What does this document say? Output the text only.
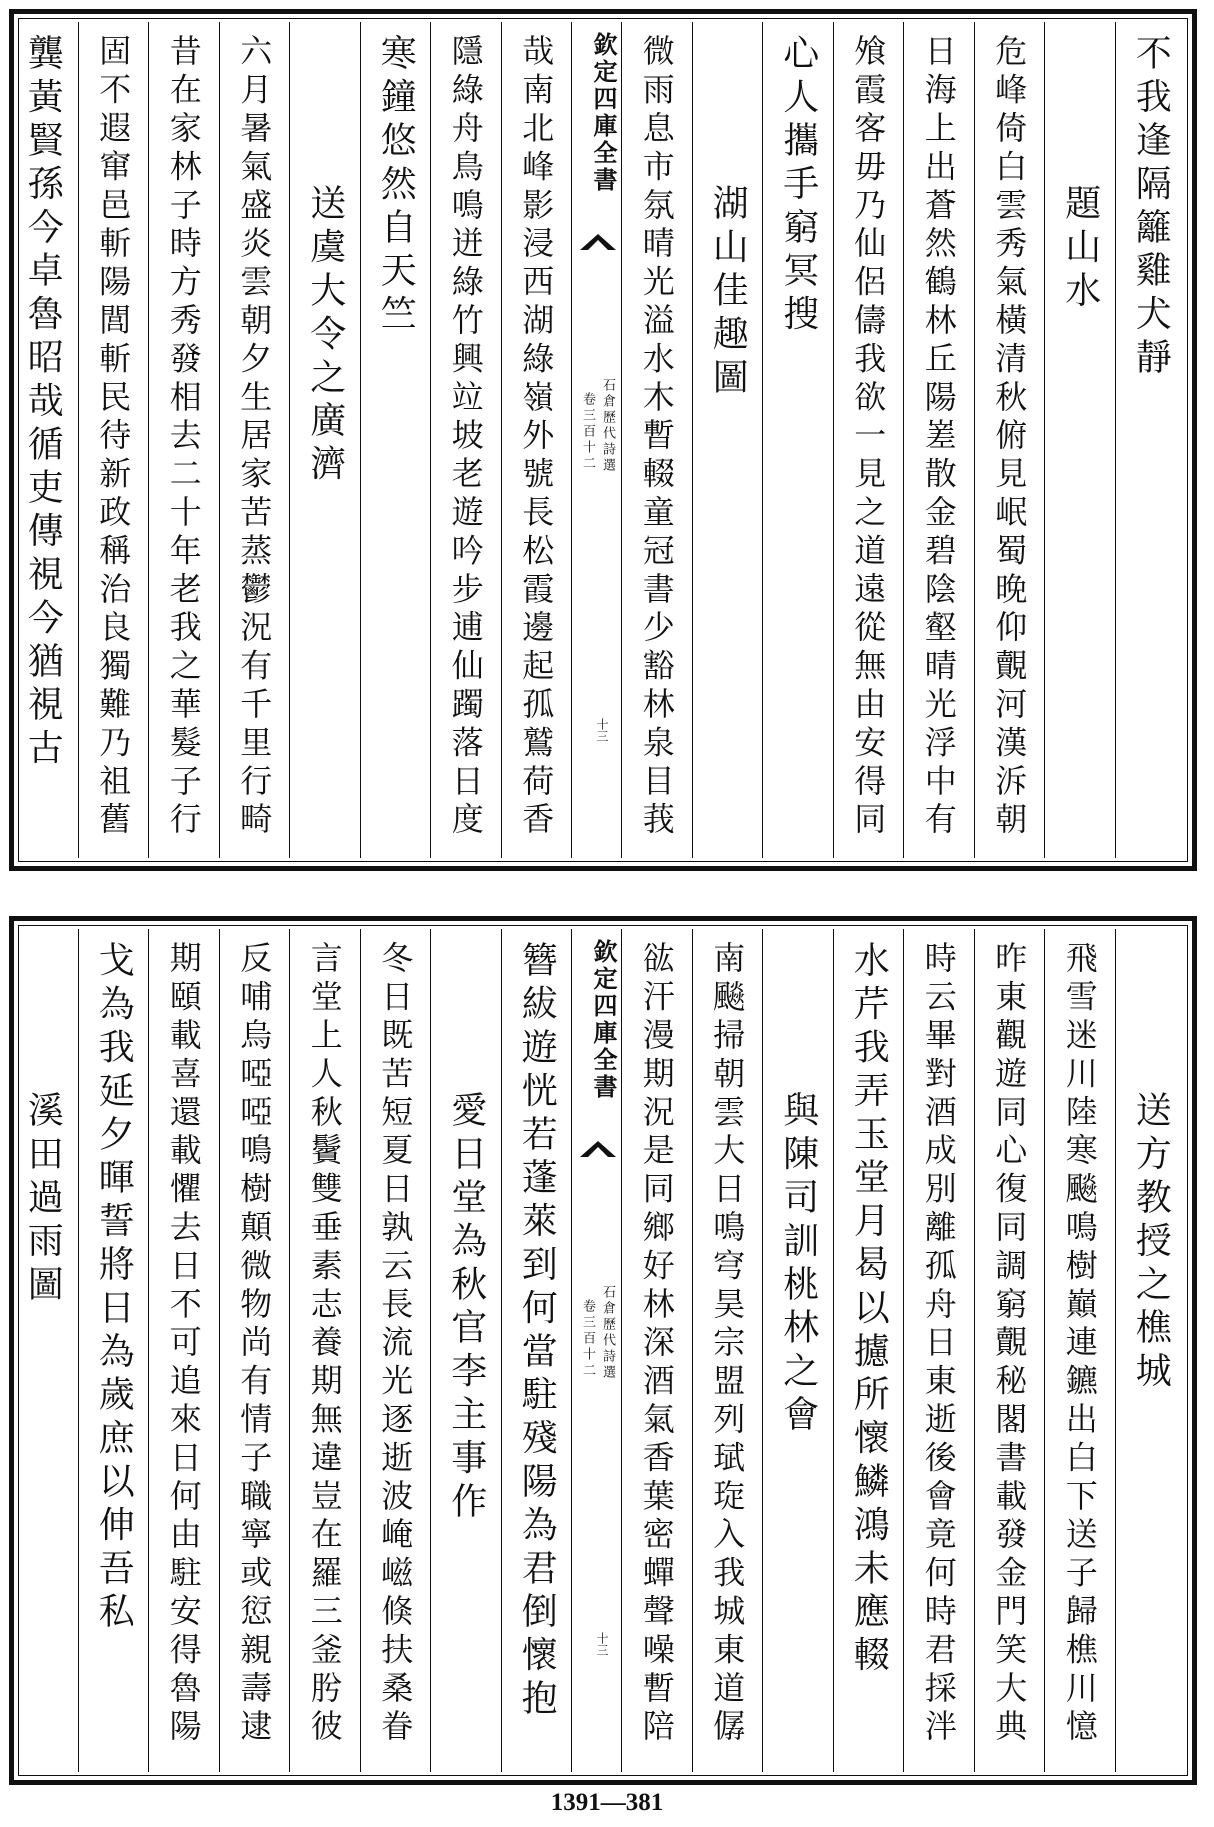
不我逢隔籬雞犬靜
題山水
危峰倚白雲秀氣橫清秋俯見岷蜀晚仰覿河漢泝朝
日海上出蒼然鶴林丘陽嵳散金碧陰壑晴光浮中有
飧霞客毋乃仙侶儔我欲一見之道遠從無由安得同
心人攜手窮冥搜
湖山佳趣圖
微雨息市氛晴光溢水木暫輟童冠書少豁林泉目莪
欽定四庫全書
石倉歷代詩選
卷三百十二
十三
哉南北峰影浸西湖綠嶺外號長松霞邊起孤鷲荷香
隱綠舟鳥鳴迸綠竹興竝坡老遊吟步逋仙躅落日度
寒鐘悠然自天竺
送虞大令之廣濟
六月暑氣盛炎雲朝夕生居家苦蒸鬱況有千里行畸
昔在家林子時方秀發相去二十年老我之華髮子行
固不遐窜邑斬陽閭斬民待新政稱治良獨難乃祖舊
龔黃賢孫今卓魯昭哉循吏傳視今猶視古
送方教授之樵城
飛雪迷川陸寒飈鳴樹巔連鑣出白下送子歸樵川憶
昨東觀遊同心復同調窮覿秘閣書載發金門笑大典
時云畢對酒成別離孤舟日東逝後會竟何時君採泮
水芹我弄玉堂月曷以攄所懷鱗鴻未應輟
與陳司訓桃林之會
南飈掃朝雲大日鳴穹昊宗盟列珷琁入我城東道僝
谹汗漫期況是同鄉好林深酒氣香葉密蟬聲噪暫陪
欽定四庫全書
石倉歷代詩選
卷三百十二
十三
簪紱遊恍若蓬萊到何當駐殘陽為君倒懷抱
愛日堂為秋官李主事作
冬日既苦短夏日孰云長流光逐逝波崦嵫倏扶桑眷
言堂上人秋鬢雙垂素志養期無違豈在羅三釜肹彼
反哺烏啞啞鳴樹顛微物尚有情子職寧或愆親壽逮
期頤載喜還載懼去日不可追來日何由駐安得魯陽
戈為我延夕暉誓將日為歲庶以伸吾私
溪田過雨圖
1391—381
